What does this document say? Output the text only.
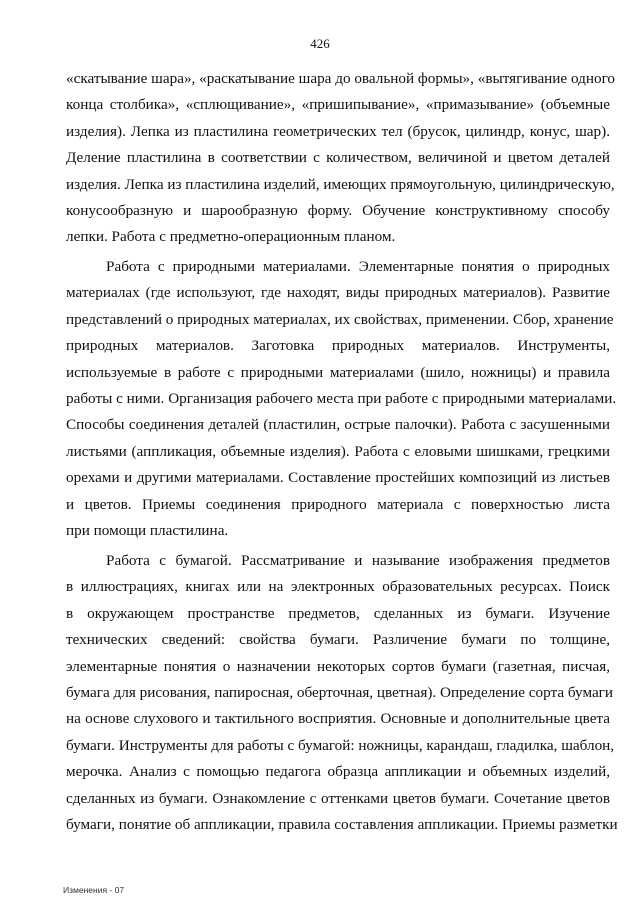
426
«скатывание шара», «раскатывание шара до овальной формы», «вытягивание одного
конца столбика», «сплющивание», «пришипывание», «примазывание» (объемные
изделия). Лепка из пластилина геометрических тел (брусок, цилиндр, конус, шар).
Деление пластилина в соответствии с количеством, величиной и цветом деталей
изделия. Лепка из пластилина изделий, имеющих прямоугольную, цилиндрическую,
конусообразную и шарообразную форму. Обучение конструктивному способу
лепки. Работа с предметно-операционным планом.
Работа с природными материалами. Элементарные понятия о природных
материалах (где используют, где находят, виды природных материалов). Развитие
представлений о природных материалах, их свойствах, применении. Сбор, хранение
природных материалов. Заготовка природных материалов. Инструменты,
используемые в работе с природными материалами (шило, ножницы) и правила
работы с ними. Организация рабочего места при работе с природными материалами.
Способы соединения деталей (пластилин, острые палочки). Работа с засушенными
листьями (аппликация, объемные изделия). Работа с еловыми шишками, грецкими
орехами и другими материалами. Составление простейших композиций из листьев
и цветов. Приемы соединения природного материала с поверхностью листа
при помощи пластилина.
Работа с бумагой. Рассматривание и называние изображения предметов
в иллюстрациях, книгах или на электронных образовательных ресурсах. Поиск
в окружающем пространстве предметов, сделанных из бумаги. Изучение
технических сведений: свойства бумаги. Различение бумаги по толщине,
элементарные понятия о назначении некоторых сортов бумаги (газетная, писчая,
бумага для рисования, папиросная, оберточная, цветная). Определение сорта бумаги
на основе слухового и тактильного восприятия. Основные и дополнительные цвета
бумаги. Инструменты для работы с бумагой: ножницы, карандаш, гладилка, шаблон,
мерочка. Анализ с помощью педагога образца аппликации и объемных изделий,
сделанных из бумаги. Ознакомление с оттенками цветов бумаги. Сочетание цветов
бумаги, понятие об аппликации, правила составления аппликации. Приемы разметки
Изменения - 07
